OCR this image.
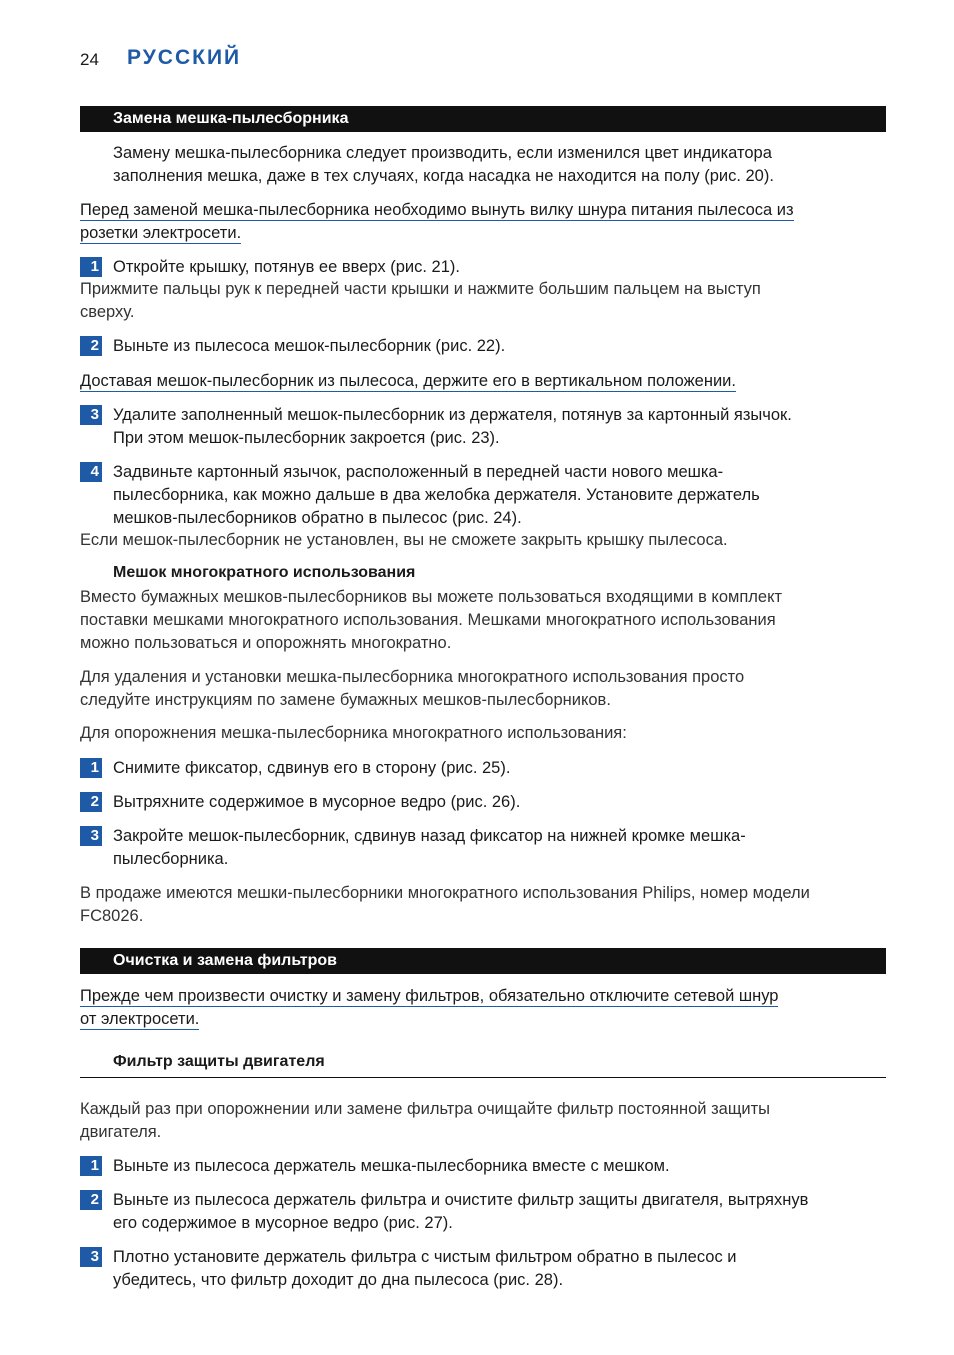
24 РУССКИЙ
Замена мешка-пылесборника
Замену мешка-пылесборника следует производить, если изменился цвет индикатора
заполнения мешка, даже в тех случаях, когда насадка не находится на полу (рис. 20).
Перед заменой мешка-пылесборника необходимо вынуть вилку шнура питания пылесоса из
розетки электросети.
1 Откройте крышку, потянув ее вверх (рис. 21).
Прижмите пальцы рук к передней части крышки и нажмите большим пальцем на выступ
сверху.
2 Выньте из пылесоса мешок-пылесборник (рис. 22).
Доставая мешок-пылесборник из пылесоса, держите его в вертикальном положении.
3 Удалите заполненный мешок-пылесборник из держателя, потянув за картонный язычок.
При этом мешок-пылесборник закроется (рис. 23).
4 Задвиньте картонный язычок, расположенный в передней части нового мешка-
пылесборника, как можно дальше в два желобка держателя. Установите держатель
мешков-пылесборников обратно в пылесос (рис. 24).
Если мешок-пылесборник не установлен, вы не сможете закрыть крышку пылесоса.
Мешок многократного использования
Вместо бумажных мешков-пылесборников вы можете пользоваться входящими в комплект
поставки мешками многократного использования. Мешками многократного использования
можно пользоваться и опорожнять многократно.
Для удаления и установки мешка-пылесборника многократного использования просто
следуйте инструкциям по замене бумажных мешков-пылесборников.
Для опорожнения мешка-пылесборника многократного использования:
1 Снимите фиксатор, сдвинув его в сторону (рис. 25).
2 Вытряхните содержимое в мусорное ведро (рис. 26).
3 Закройте мешок-пылесборник, сдвинув назад фиксатор на нижней кромке мешка-
пылесборника.
В продаже имеются мешки-пылесборники многократного использования Philips, номер модели
FC8026.
Очистка и замена фильтров
Прежде чем произвести очистку и замену фильтров, обязательно отключите сетевой шнур
от электросети.
Фильтр защиты двигателя
Каждый раз при опорожнении или замене фильтра очищайте фильтр постоянной защиты
двигателя.
1 Выньте из пылесоса держатель мешка-пылесборника вместе с мешком.
2 Выньте из пылесоса держатель фильтра и очистите фильтр защиты двигателя, вытряхнув
его содержимое в мусорное ведро (рис. 27).
3 Плотно установите держатель фильтра с чистым фильтром обратно в пылесос и
убедитесь, что фильтр доходит до дна пылесоса (рис. 28).
